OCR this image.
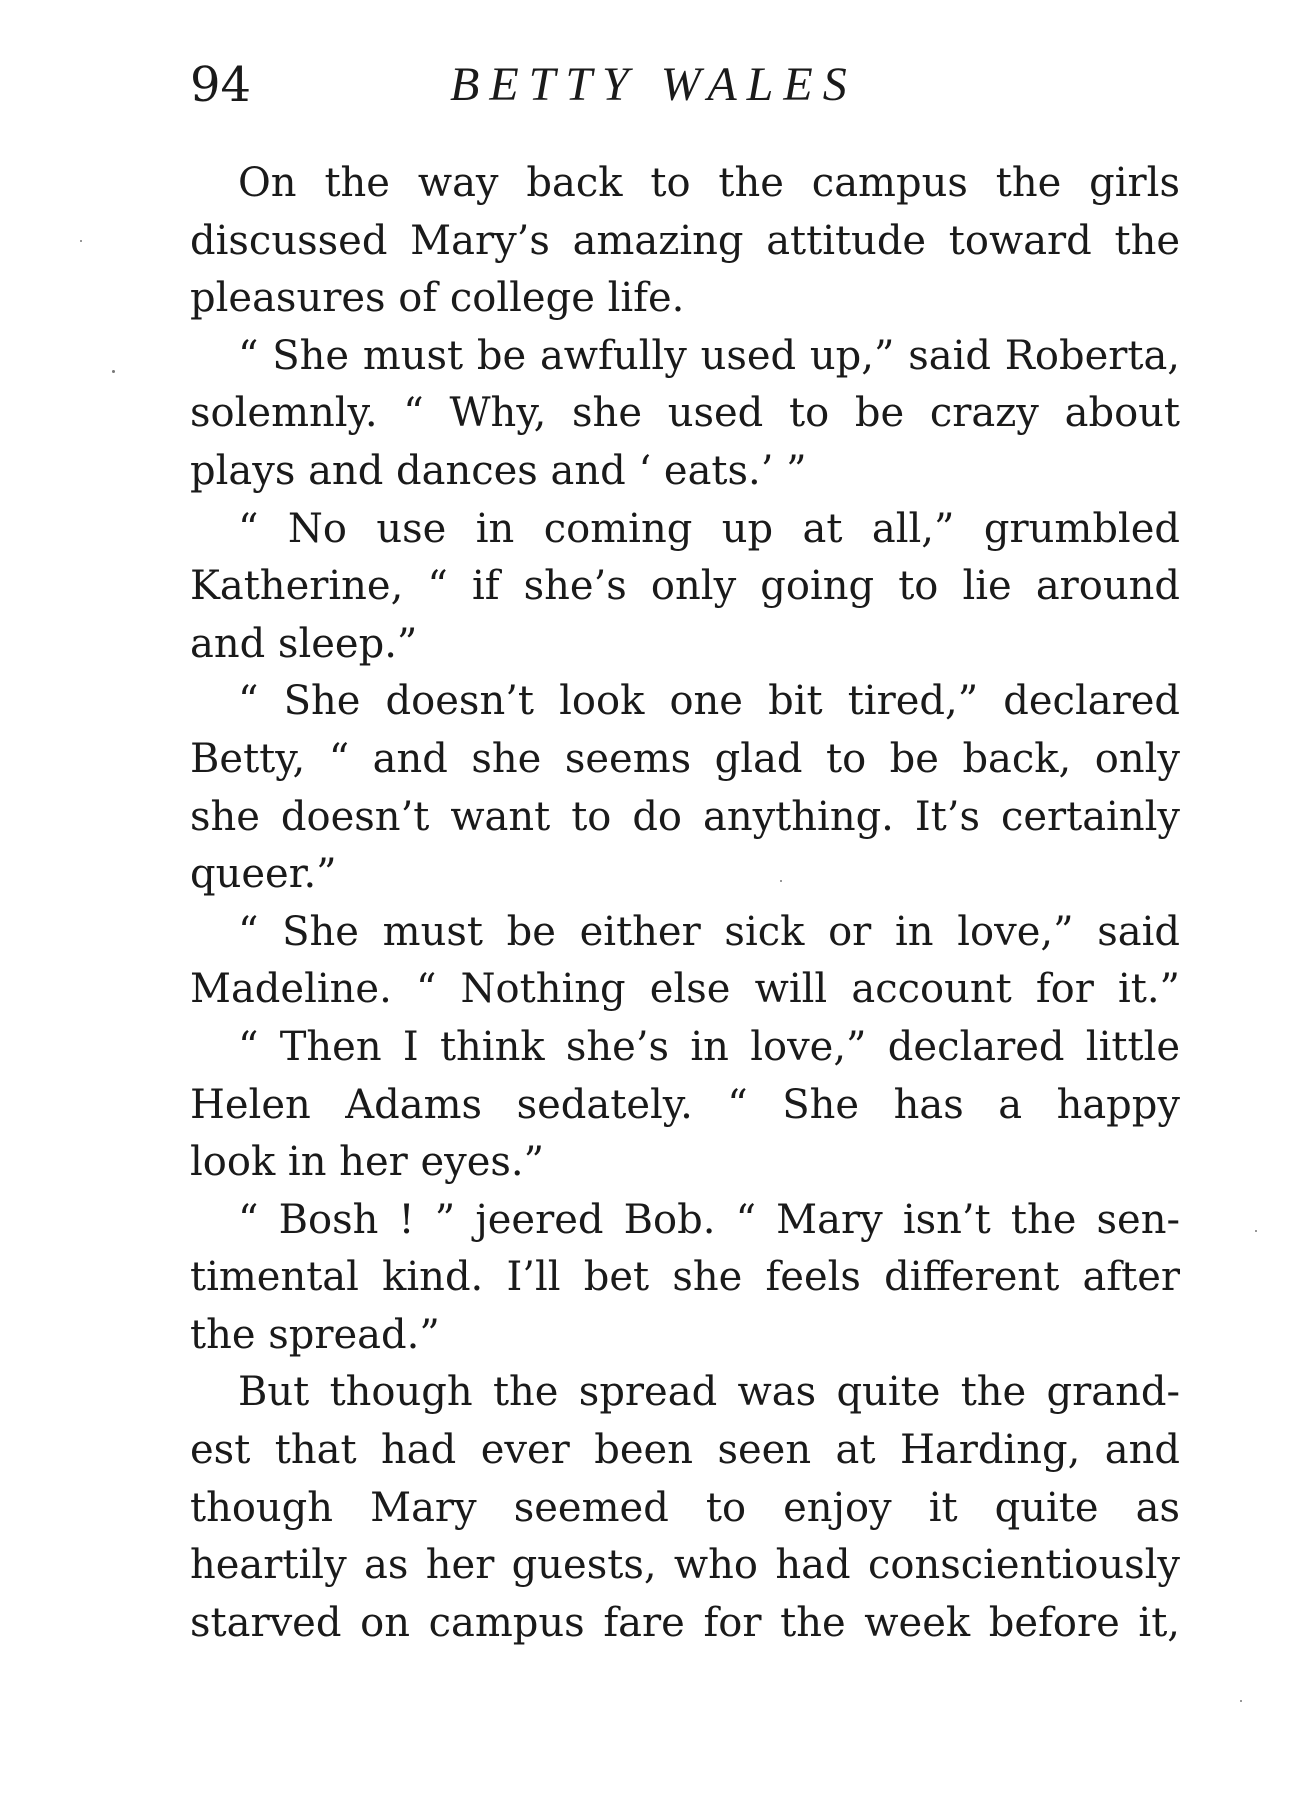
94	BETTY WALES
On the way back to the campus the girls
discussed Mary’s amazing attitude toward the
pleasures of college life.
“ She must be awfully used up,” said Roberta,
solemnly. “ Why, she used to be crazy about
plays and dances and ‘ eats.’ ”
“ No use in coming up at all,” grumbled
Katherine, “ if she’s only going to lie around
and sleep.”
“ She doesn’t look one bit tired,” declared
Betty, “ and she seems glad to be back, only
she doesn’t want to do anything. It’s certainly
queer.”
“ She must be either sick or in love,” said
Madeline. “ Nothing else will account for it.”
“ Then I think she’s in love,” declared little
Helen Adams sedately. “ She has a happy
look in her eyes.”
“ Bosh ! ” jeered Bob. “ Mary isn’t the sen-
timental kind. I’ll bet she feels different after
the spread.”
But though the spread was quite the grand-
est that had ever been seen at Harding, and
though Mary seemed to enjoy it quite as
heartily as her guests, who had conscientiously
starved on campus fare for the week before it,
